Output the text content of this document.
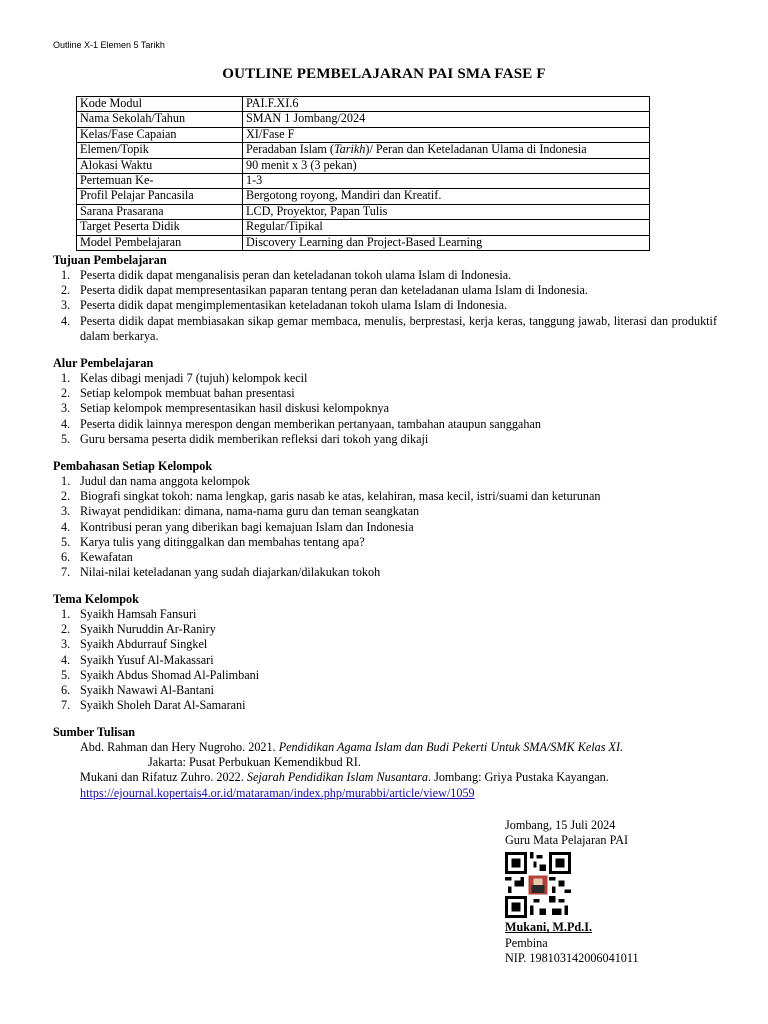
Outline X-1 Elemen 5 Tarikh
OUTLINE PEMBELAJARAN PAI SMA FASE F
Kode Modul	PAI.F.XI.6
Nama Sekolah/Tahun	SMAN 1 Jombang/2024
Kelas/Fase Capaian	XI/Fase F
Elemen/Topik	Peradaban Islam (Tarikh)/ Peran dan Keteladanan Ulama di Indonesia
Alokasi Waktu	90 menit x 3 (3 pekan)
Pertemuan Ke-	1-3
Profil Pelajar Pancasila	Bergotong royong, Mandiri dan Kreatif.
Sarana Prasarana	LCD, Proyektor, Papan Tulis
Target Peserta Didik	Regular/Tipikal
Model Pembelajaran	Discovery Learning dan Project-Based Learning
Tujuan Pembelajaran
1. Peserta didik dapat menganalisis peran dan keteladanan tokoh ulama Islam di Indonesia.
2. Peserta didik dapat mempresentasikan paparan tentang peran dan keteladanan ulama Islam di Indonesia.
3. Peserta didik dapat mengimplementasikan keteladanan tokoh ulama Islam di Indonesia.
4. Peserta didik dapat membiasakan sikap gemar membaca, menulis, berprestasi, kerja keras, tanggung jawab, literasi dan produktif dalam berkarya.
Alur Pembelajaran
1. Kelas dibagi menjadi 7 (tujuh) kelompok kecil
2. Setiap kelompok membuat bahan presentasi
3. Setiap kelompok mempresentasikan hasil diskusi kelompoknya
4. Peserta didik lainnya merespon dengan memberikan pertanyaan, tambahan ataupun sanggahan
5. Guru bersama peserta didik memberikan refleksi dari tokoh yang dikaji
Pembahasan Setiap Kelompok
1. Judul dan nama anggota kelompok
2. Biografi singkat tokoh: nama lengkap, garis nasab ke atas, kelahiran, masa kecil, istri/suami dan keturunan
3. Riwayat pendidikan: dimana, nama-nama guru dan teman seangkatan
4. Kontribusi peran yang diberikan bagi kemajuan Islam dan Indonesia
5. Karya tulis yang ditinggalkan dan membahas tentang apa?
6. Kewafatan
7. Nilai-nilai keteladanan yang sudah diajarkan/dilakukan tokoh
Tema Kelompok
1. Syaikh Hamsah Fansuri
2. Syaikh Nuruddin Ar-Raniry
3. Syaikh Abdurrauf Singkel
4. Syaikh Yusuf Al-Makassari
5. Syaikh Abdus Shomad Al-Palimbani
6. Syaikh Nawawi Al-Bantani
7. Syaikh Sholeh Darat Al-Samarani
Sumber Tulisan
Abd. Rahman dan Hery Nugroho. 2021. Pendidikan Agama Islam dan Budi Pekerti Untuk SMA/SMK Kelas XI.
Jakarta: Pusat Perbukuan Kemendikbud RI.
Mukani dan Rifatuz Zuhro. 2022. Sejarah Pendidikan Islam Nusantara. Jombang: Griya Pustaka Kayangan.
https://ejournal.kopertais4.or.id/mataraman/index.php/murabbi/article/view/1059
Jombang, 15 Juli 2024
Guru Mata Pelajaran PAI
Mukani, M.Pd.I.
Pembina
NIP. 198103142006041011
